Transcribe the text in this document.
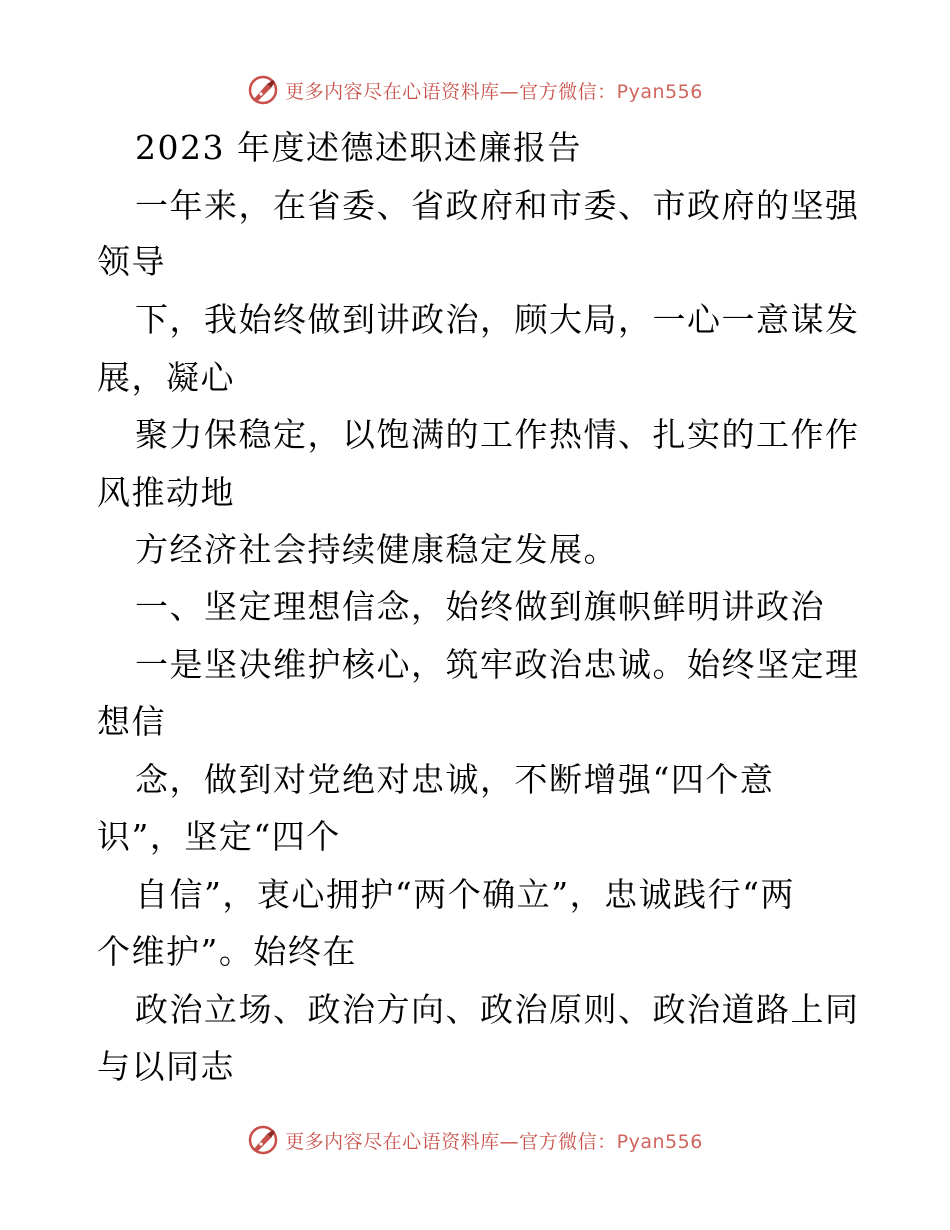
更多内容尽在心语资料库—官方微信：Pyan556
2023 年度述德述职述廉报告
一年来，在省委、省政府和市委、市政府的坚强
领导
下，我始终做到讲政治，顾大局，一心一意谋发
展，凝心
聚力保稳定，以饱满的工作热情、扎实的工作作
风推动地
方经济社会持续健康稳定发展。
一、坚定理想信念，始终做到旗帜鲜明讲政治
一是坚决维护核心，筑牢政治忠诚。始终坚定理
想信
念，做到对党绝对忠诚，不断增强“四个意
识”，坚定“四个
自信”，衷心拥护“两个确立”，忠诚践行“两
个维护”。始终在
政治立场、政治方向、政治原则、政治道路上同
与以同志
更多内容尽在心语资料库—官方微信：Pyan556
